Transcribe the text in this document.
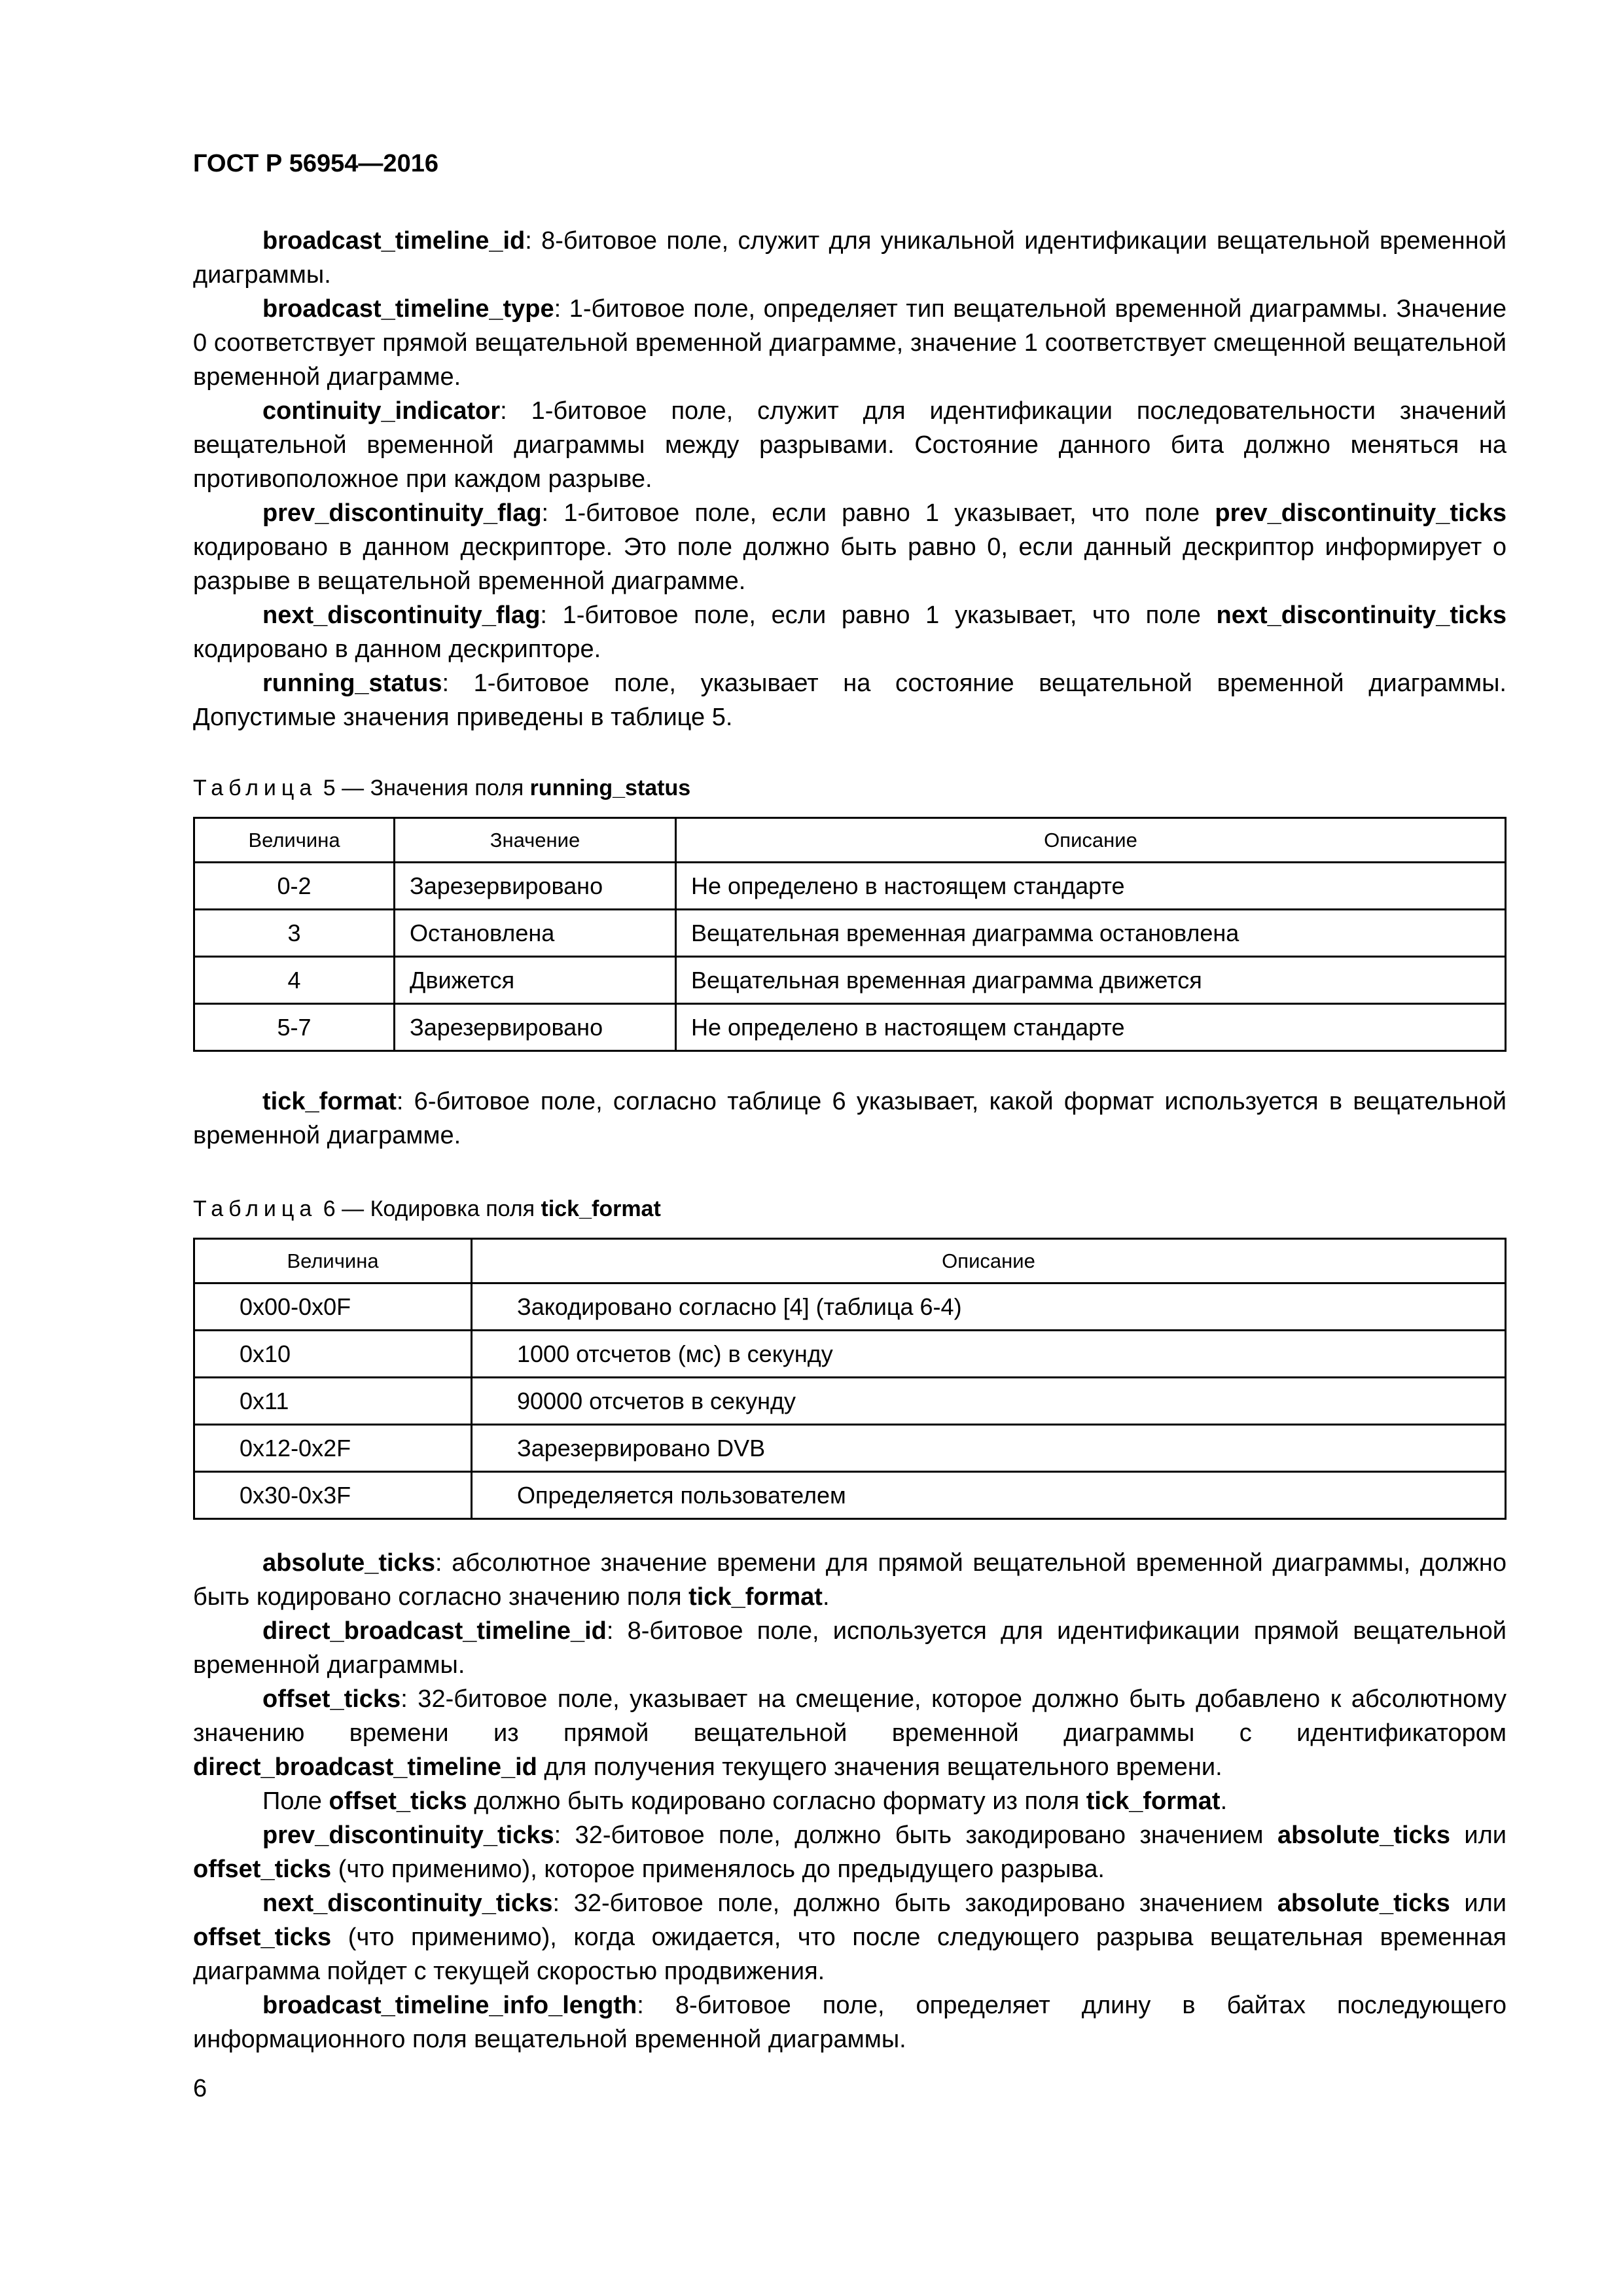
ГОСТ Р 56954—2016

broadcast_timeline_id: 8-битовое поле, служит для уникальной идентификации вещательной временной диаграммы.

broadcast_timeline_type: 1-битовое поле, определяет тип вещательной временной диаграммы. Значение 0 соответствует прямой вещательной временной диаграмме, значение 1 соответствует смещенной вещательной временной диаграмме.

continuity_indicator: 1-битовое поле, служит для идентификации последовательности значений вещательной временной диаграммы между разрывами. Состояние данного бита должно меняться на противоположное при каждом разрыве.

prev_discontinuity_flag: 1-битовое поле, если равно 1 указывает, что поле prev_discontinuity_ticks кодировано в данном дескрипторе. Это поле должно быть равно 0, если данный дескриптор информирует о разрыве в вещательной временной диаграмме.

next_discontinuity_flag: 1-битовое поле, если равно 1 указывает, что поле next_discontinuity_ticks кодировано в данном дескрипторе.

running_status: 1-битовое поле, указывает на состояние вещательной временной диаграммы. Допустимые значения приведены в таблице 5.

Таблица 5 — Значения поля running_status

Величина	Значение	Описание
0-2	Зарезервировано	Не определено в настоящем стандарте
3	Остановлена	Вещательная временная диаграмма остановлена
4	Движется	Вещательная временная диаграмма движется
5-7	Зарезервировано	Не определено в настоящем стандарте

tick_format: 6-битовое поле, согласно таблице 6 указывает, какой формат используется в вещательной временной диаграмме.

Таблица 6 — Кодировка поля tick_format

Величина	Описание
0x00-0x0F	Закодировано согласно [4] (таблица 6-4)
0x10	1000 отсчетов (мс) в секунду
0x11	90000 отсчетов в секунду
0x12-0x2F	Зарезервировано DVB
0x30-0x3F	Определяется пользователем

absolute_ticks: абсолютное значение времени для прямой вещательной временной диаграммы, должно быть кодировано согласно значению поля tick_format.

direct_broadcast_timeline_id: 8-битовое поле, используется для идентификации прямой вещательной временной диаграммы.

offset_ticks: 32-битовое поле, указывает на смещение, которое должно быть добавлено к абсолютному значению времени из прямой вещательной временной диаграммы с идентификатором direct_broadcast_timeline_id для получения текущего значения вещательного времени.

Поле offset_ticks должно быть кодировано согласно формату из поля tick_format.

prev_discontinuity_ticks: 32-битовое поле, должно быть закодировано значением absolute_ticks или offset_ticks (что применимо), которое применялось до предыдущего разрыва.

next_discontinuity_ticks: 32-битовое поле, должно быть закодировано значением absolute_ticks или offset_ticks (что применимо), когда ожидается, что после следующего разрыва вещательная временная диаграмма пойдет с текущей скоростью продвижения.

broadcast_timeline_info_length: 8-битовое поле, определяет длину в байтах последующего информационного поля вещательной временной диаграммы.

6
